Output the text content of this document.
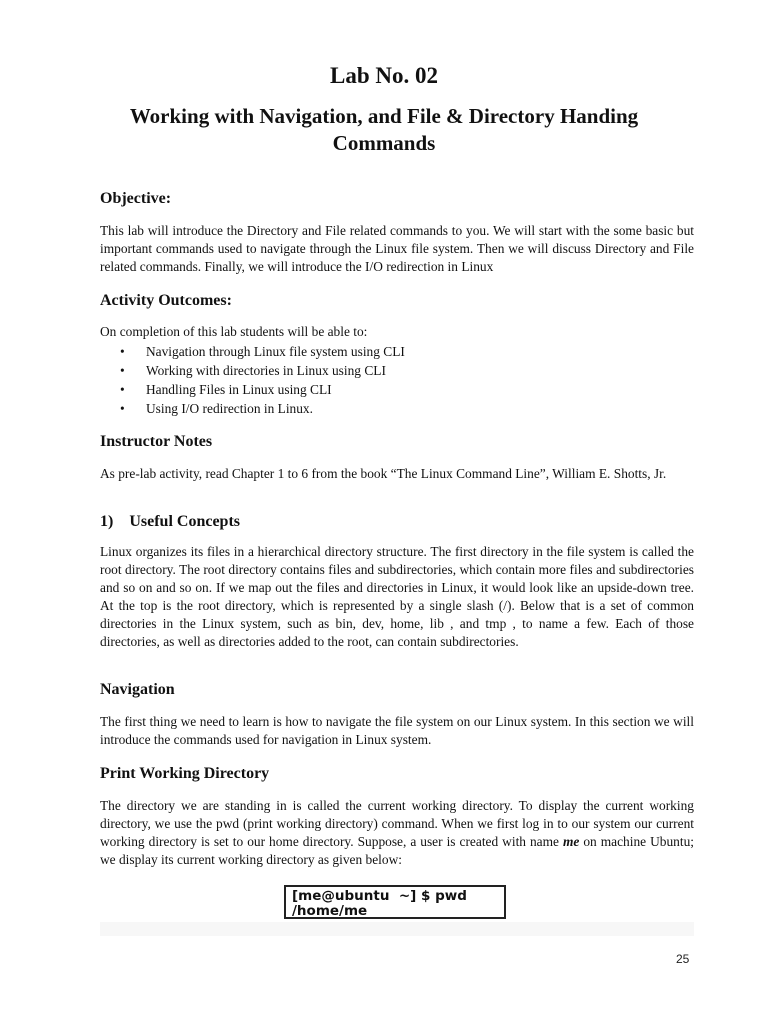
Lab No. 02
Working with Navigation, and File & Directory Handing Commands
Objective:

This lab will introduce the Directory and File related commands to you. We will start with the some basic but important commands used to navigate through the Linux file system. Then we will discuss Directory and File related commands. Finally, we will introduce the I/O redirection in Linux

Activity Outcomes:

On completion of this lab students will be able to:

• Navigation through Linux file system using CLI
• Working with directories in Linux using CLI
• Handling Files in Linux using CLI
• Using I/O redirection in Linux.
Instructor Notes

As pre-lab activity, read Chapter 1 to 6 from the book “The Linux Command Line”, William E. Shotts, Jr.

1)    Useful Concepts

Linux organizes its files in a hierarchical directory structure. The first directory in the file system is called the root directory. The root directory contains files and subdirectories, which contain more files and subdirectories and so on and so on. If we map out the files and directories in Linux, it would look like an upside-down tree. At the top is the root directory, which is represented by a single slash (/). Below that is a set of common directories in the Linux system, such as bin, dev, home, lib , and tmp , to name a few. Each of those directories, as well as directories added to the root, can contain subdirectories.

Navigation

The first thing we need to learn is how to navigate the file system on our Linux system. In this section we will introduce the commands used for navigation in Linux system.

Print Working Directory

The directory we are standing in is called the current working directory. To display the current working directory, we use the pwd (print working directory) command. When we first log in to our system our current working directory is set to our home directory. Suppose, a user is created with name me on machine Ubuntu; we display its current working directory as given below:

[me@ubuntu  ~] $ pwd
/home/me
25
